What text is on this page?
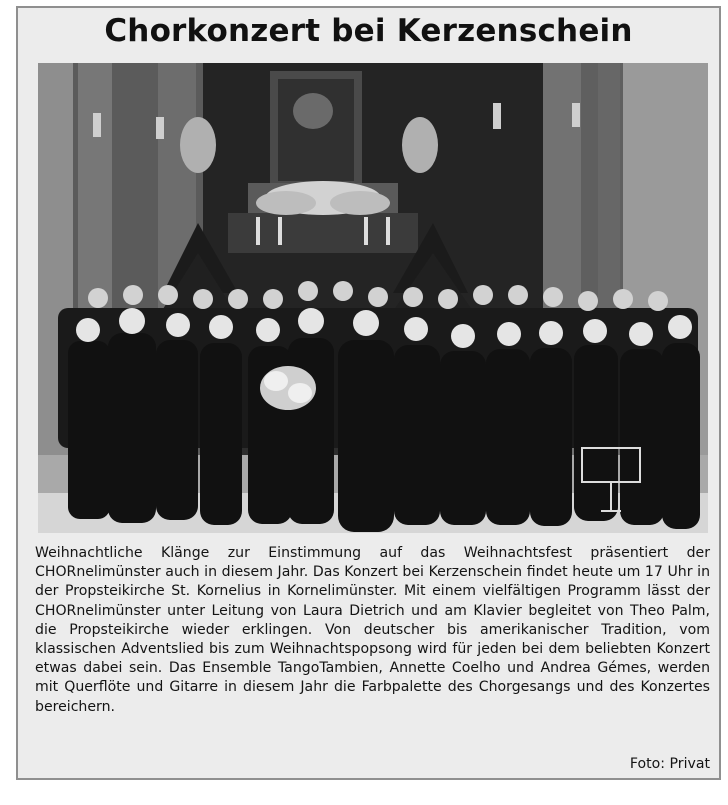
Chorkonzert bei Kerzenschein
Weihnachtliche Klänge zur Einstimmung auf das Weihnachtsfest präsentiert der CHORnelimünster auch in diesem Jahr. Das Konzert bei Kerzenschein findet heute um 17 Uhr in der Propsteikirche St. Kornelius in Kornelimünster. Mit einem vielfältigen Programm lässt der CHORnelimünster unter Leitung von Laura Dietrich und am Klavier begleitet von Theo Palm, die Propsteikirche wieder erklingen. Von deutscher bis amerikanischer Tradition, vom klassischen Adventslied bis zum Weihnachtspopsong wird für jeden bei dem beliebten Konzert etwas dabei sein. Das Ensemble TangoTambien, Annette Coelho und Andrea Gémes, werden mit Querflöte und Gitarre in diesem Jahr die Farbpalette des Chorgesangs und des Konzertes bereichern.
Foto: Privat
